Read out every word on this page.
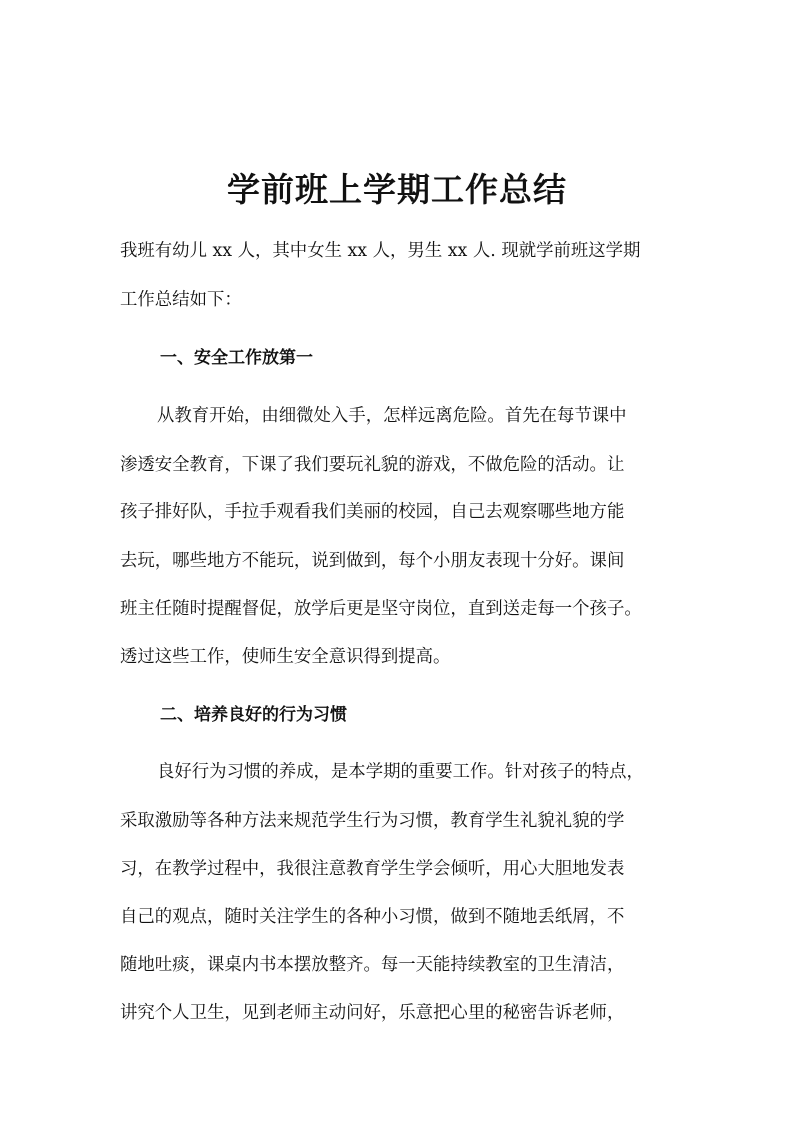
学前班上学期工作总结
我班有幼儿 xx 人，其中女生 xx 人，男生 xx 人. 现就学前班这学期
工作总结如下：
一、安全工作放第一
从教育开始，由细微处入手，怎样远离危险。首先在每节课中
渗透安全教育，下课了我们要玩礼貌的游戏，不做危险的活动。让
孩子排好队，手拉手观看我们美丽的校园，自己去观察哪些地方能
去玩，哪些地方不能玩，说到做到，每个小朋友表现十分好。课间
班主任随时提醒督促，放学后更是坚守岗位，直到送走每一个孩子。
透过这些工作，使师生安全意识得到提高。
二、培养良好的行为习惯
良好行为习惯的养成，是本学期的重要工作。针对孩子的特点，
采取激励等各种方法来规范学生行为习惯，教育学生礼貌礼貌的学
习，在教学过程中，我很注意教育学生学会倾听，用心大胆地发表
自己的观点，随时关注学生的各种小习惯，做到不随地丢纸屑，不
随地吐痰，课桌内书本摆放整齐。每一天能持续教室的卫生清洁，
讲究个人卫生，见到老师主动问好，乐意把心里的秘密告诉老师，
